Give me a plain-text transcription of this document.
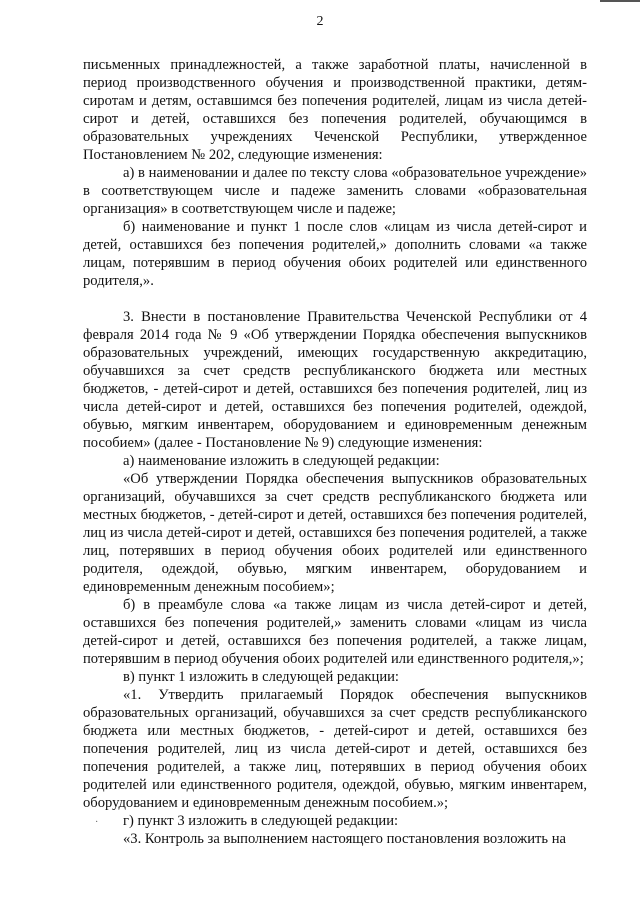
2

письменных принадлежностей, а также заработной платы, начисленной в период производственного обучения и производственной практики, детям-сиротам и детям, оставшимся без попечения родителей, лицам из числа детей-сирот и детей, оставшихся без попечения родителей, обучающимся в образовательных учреждениях Чеченской Республики, утвержденное Постановлением № 202, следующие изменения:

а) в наименовании и далее по тексту слова «образовательное учреждение» в соответствующем числе и падеже заменить словами «образовательная организация» в соответствующем числе и падеже;

б) наименование и пункт 1 после слов «лицам из числа детей-сирот и детей, оставшихся без попечения родителей,» дополнить словами «а также лицам, потерявшим в период обучения обоих родителей или единственного родителя,».

3. Внести в постановление Правительства Чеченской Республики от 4 февраля 2014 года № 9 «Об утверждении Порядка обеспечения выпускников образовательных учреждений, имеющих государственную аккредитацию, обучавшихся за счет средств республиканского бюджета или местных бюджетов, - детей-сирот и детей, оставшихся без попечения родителей, лиц из числа детей-сирот и детей, оставшихся без попечения родителей, одеждой, обувью, мягким инвентарем, оборудованием и единовременным денежным пособием» (далее - Постановление № 9) следующие изменения:

а) наименование изложить в следующей редакции:

«Об утверждении Порядка обеспечения выпускников образовательных организаций, обучавшихся за счет средств республиканского бюджета или местных бюджетов, - детей-сирот и детей, оставшихся без попечения родителей, лиц из числа детей-сирот и детей, оставшихся без попечения родителей, а также лиц, потерявших в период обучения обоих родителей или единственного родителя, одеждой, обувью, мягким инвентарем, оборудованием и единовременным денежным пособием»;

б) в преамбуле слова «а также лицам из числа детей-сирот и детей, оставшихся без попечения родителей,» заменить словами «лицам из числа детей-сирот и детей, оставшихся без попечения родителей, а также лицам, потерявшим в период обучения обоих родителей или единственного родителя,»;

в) пункт 1 изложить в следующей редакции:

«1. Утвердить прилагаемый Порядок обеспечения выпускников образовательных организаций, обучавшихся за счет средств республиканского бюджета или местных бюджетов, - детей-сирот и детей, оставшихся без попечения родителей, лиц из числа детей-сирот и детей, оставшихся без попечения родителей, а также лиц, потерявших в период обучения обоих родителей или единственного родителя, одеждой, обувью, мягким инвентарем, оборудованием и единовременным денежным пособием.»;

г) пункт 3 изложить в следующей редакции:

«3. Контроль за выполнением настоящего постановления возложить на

·
